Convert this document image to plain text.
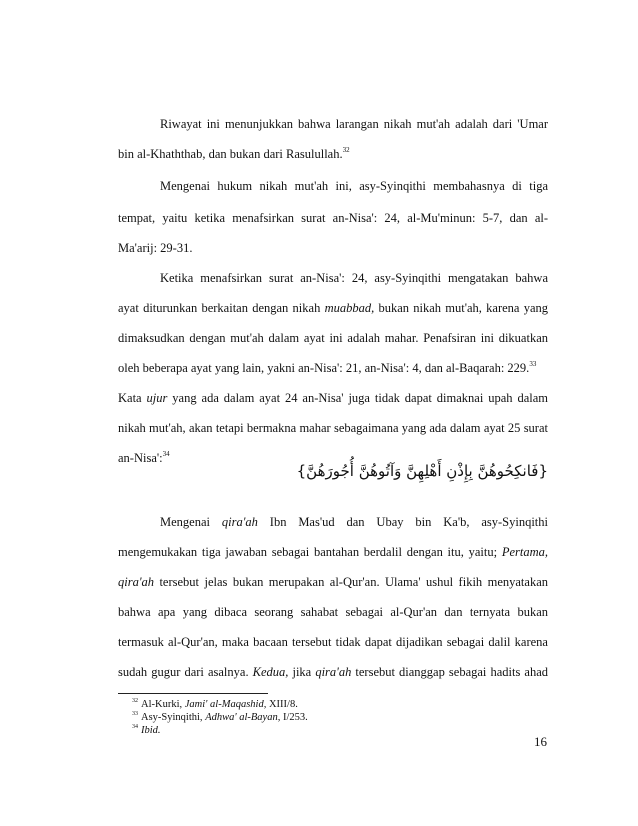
Riwayat ini menunjukkan bahwa larangan nikah mut'ah adalah dari 'Umar
bin al-Khaththab, dan bukan dari Rasulullah.$^{32}$
Mengenai hukum nikah mut'ah ini, asy-Syinqithi membahasnya di tiga
tempat, yaitu ketika menafsirkan surat an-Nisa': 24, al-Mu'minun: 5-7, dan al-
Ma'arij: 29-31.
Ketika menafsirkan surat an-Nisa': 24, asy-Syinqithi mengatakan bahwa
ayat diturunkan berkaitan dengan nikah muabbad, bukan nikah mut'ah, karena yang
dimaksudkan dengan mut'ah dalam ayat ini adalah mahar. Penafsiran ini dikuatkan
oleh beberapa ayat yang lain, yakni an-Nisa': 21, an-Nisa': 4, dan al-Baqarah: 229.33
Kata ujur yang ada dalam ayat 24 an-Nisa' juga tidak dapat dimaknai upah dalam
nikah mut'ah, akan tetapi bermakna mahar sebagaimana yang ada dalam ayat 25 surat
an-Nisa':$^{34}$
{فَانكِحُوهُنَّ بِإِذْنِ أَهْلِهِنَّ وَآتُوهُنَّ أُجُورَهُنَّ}
Mengenai qira'ah Ibn Mas'ud dan Ubay bin Ka'b, asy-Syinqithi
mengemukakan tiga jawaban sebagai bantahan berdalil dengan itu, yaitu; Pertama,
qira'ah tersebut jelas bukan merupakan al-Qur'an. Ulama' ushul fikih menyatakan
bahwa apa yang dibaca seorang sahabat sebagai al-Qur'an dan ternyata bukan
termasuk al-Qur'an, maka bacaan tersebut tidak dapat dijadikan sebagai dalil karena
sudah gugur dari asalnya. Kedua, jika qira'ah tersebut dianggap sebagai hadits ahad
$^{32}$ Al-Kurki, Jami' al-Maqashid, XIII/8.
$^{33}$ Asy-Syinqithi, Adhwa' al-Bayan, I/253.
$^{34}$ Ibid.
16
